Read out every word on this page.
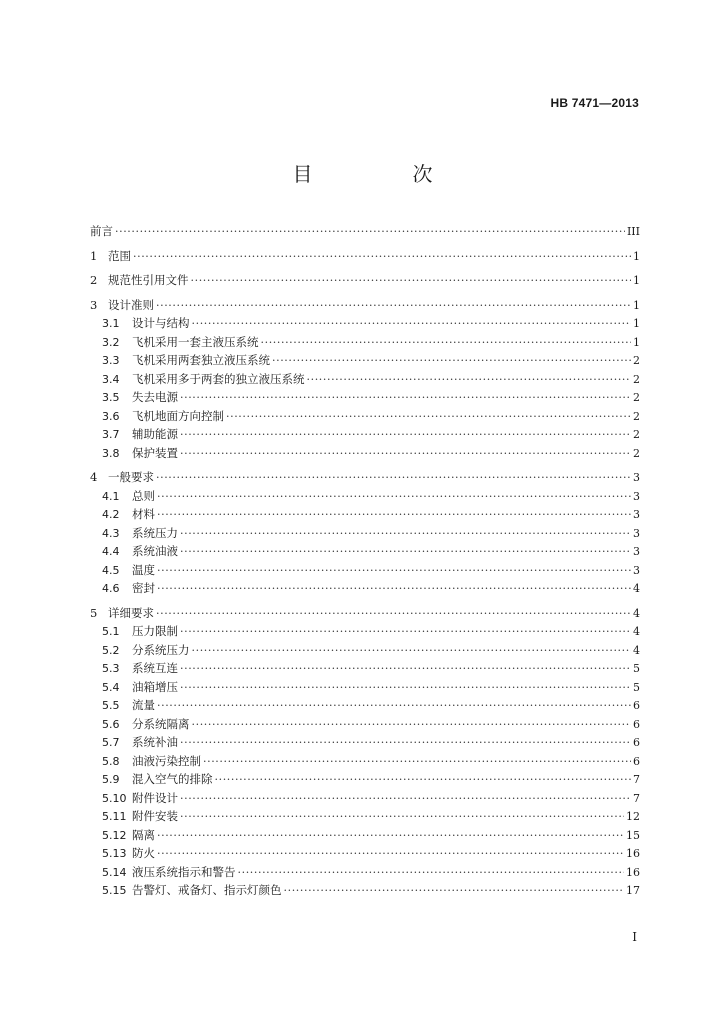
HB 7471—2013
目　次
前言 ·····	III
1 范围 ·····	1
2 规范性引用文件 ·····	1
3 设计准则 ·····	1
3.1	设计与结构 ·····	1
3.2	飞机采用一套主液压系统 ·····	1
3.3	飞机采用两套独立液压系统 ·····	2
3.4	飞机采用多于两套的独立液压系统 ·····	2
3.5	失去电源 ·····	2
3.6	飞机地面方向控制 ·····	2
3.7	辅助能源 ·····	2
3.8	保护装置 ·····	2
4 一般要求 ·····	3
4.1	总则 ·····	3
4.2	材料 ·····	3
4.3	系统压力 ·····	3
4.4	系统油液 ·····	3
4.5	温度 ·····	3
4.6	密封 ·····	4
5 详细要求 ·····	4
5.1	压力限制 ·····	4
5.2	分系统压力 ·····	4
5.3	系统互连 ·····	5
5.4	油箱增压 ·····	5
5.5	流量 ·····	6
5.6	分系统隔离 ·····	6
5.7	系统补油 ·····	6
5.8	油液污染控制 ·····	6
5.9	混入空气的排除 ·····	7
5.10 附件设计 ·····	7
5.11 附件安装 ·····	12
5.12 隔离 ·····	15
5.13 防火 ·····	16
5.14 液压系统指示和警告 ·····	16
5.15 告警灯、戒备灯、指示灯颜色 ·····	17
I
